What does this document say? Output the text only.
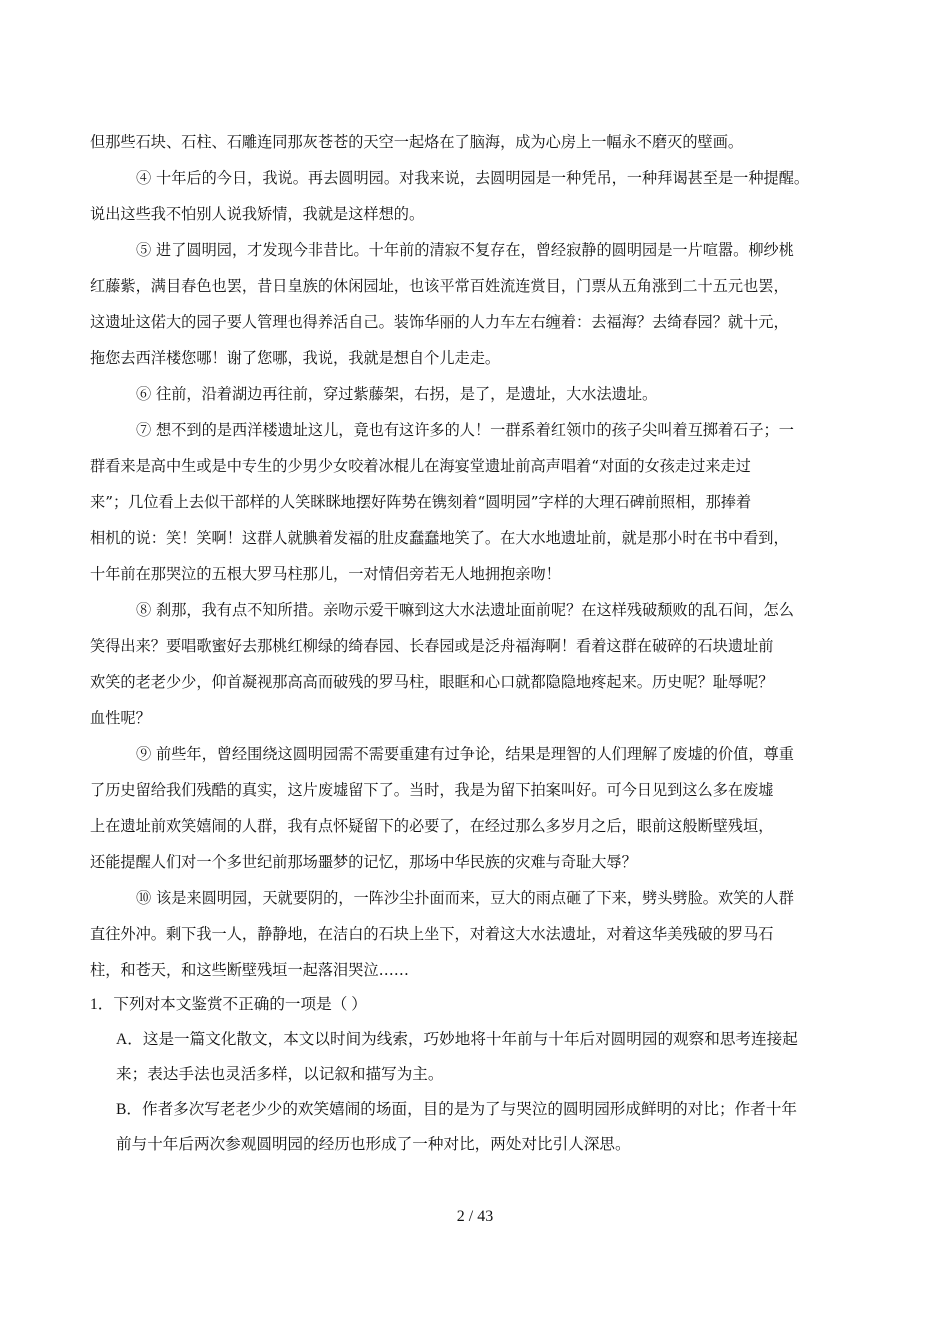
但那些石块、石柱、石雕连同那灰苍苍的天空一起烙在了脑海，成为心房上一幅永不磨灭的壁画。
④ 十年后的今日，我说。再去圆明园。对我来说，去圆明园是一种凭吊，一种拜谒甚至是一种提醒。
说出这些我不怕别人说我矫情，我就是这样想的。
⑤ 进了圆明园，才发现今非昔比。十年前的清寂不复存在，曾经寂静的圆明园是一片喧嚣。柳纱桃
红藤紫，满目春色也罢，昔日皇族的休闲园址，也该平常百姓流连赏目，门票从五角涨到二十五元也罢，
这遗址这偌大的园子要人管理也得养活自己。装饰华丽的人力车左右缠着：去福海？去绮春园？就十元，
拖您去西洋楼您哪！谢了您哪，我说，我就是想自个儿走走。
⑥ 往前，沿着湖边再往前，穿过紫藤架，右拐，是了，是遗址，大水法遗址。
⑦ 想不到的是西洋楼遗址这儿，竟也有这许多的人！一群系着红领巾的孩子尖叫着互掷着石子；一
群看来是高中生或是中专生的少男少女咬着冰棍儿在海宴堂遗址前高声唱着“对面的女孩走过来走过
来”；几位看上去似干部样的人笑眯眯地摆好阵势在镌刻着“圆明园”字样的大理石碑前照相，那捧着
相机的说：笑！笑啊！这群人就腆着发福的肚皮蠢蠢地笑了。在大水地遗址前，就是那小时在书中看到，
十年前在那哭泣的五根大罗马柱那儿，一对情侣旁若无人地拥抱亲吻！
⑧ 刹那，我有点不知所措。亲吻示爱干嘛到这大水法遗址面前呢？在这样残破颓败的乱石间，怎么
笑得出来？要唱歌蜜好去那桃红柳绿的绮春园、长春园或是泛舟福海啊！看着这群在破碎的石块遗址前
欢笑的老老少少，仰首凝视那高高而破残的罗马柱，眼眶和心口就都隐隐地疼起来。历史呢？耻辱呢？
血性呢？
⑨ 前些年，曾经围绕这圆明园需不需要重建有过争论，结果是理智的人们理解了废墟的价值，尊重
了历史留给我们残酷的真实，这片废墟留下了。当时，我是为留下拍案叫好。可今日见到这么多在废墟
上在遗址前欢笑嬉闹的人群，我有点怀疑留下的必要了，在经过那么多岁月之后，眼前这般断壁残垣，
还能提醒人们对一个多世纪前那场噩梦的记忆，那场中华民族的灾难与奇耻大辱？
⑩ 该是来圆明园，天就要阴的，一阵沙尘扑面而来，豆大的雨点砸了下来，劈头劈脸。欢笑的人群
直往外冲。剩下我一人，静静地，在洁白的石块上坐下，对着这大水法遗址，对着这华美残破的罗马石
柱，和苍天，和这些断壁残垣一起落泪哭泣……
1．下列对本文鉴赏不正确的一项是（ ）
A．这是一篇文化散文，本文以时间为线索，巧妙地将十年前与十年后对圆明园的观察和思考连接起
来；表达手法也灵活多样，以记叙和描写为主。
B．作者多次写老老少少的欢笑嬉闹的场面，目的是为了与哭泣的圆明园形成鲜明的对比；作者十年
前与十年后两次参观圆明园的经历也形成了一种对比，两处对比引人深思。
2 / 43
